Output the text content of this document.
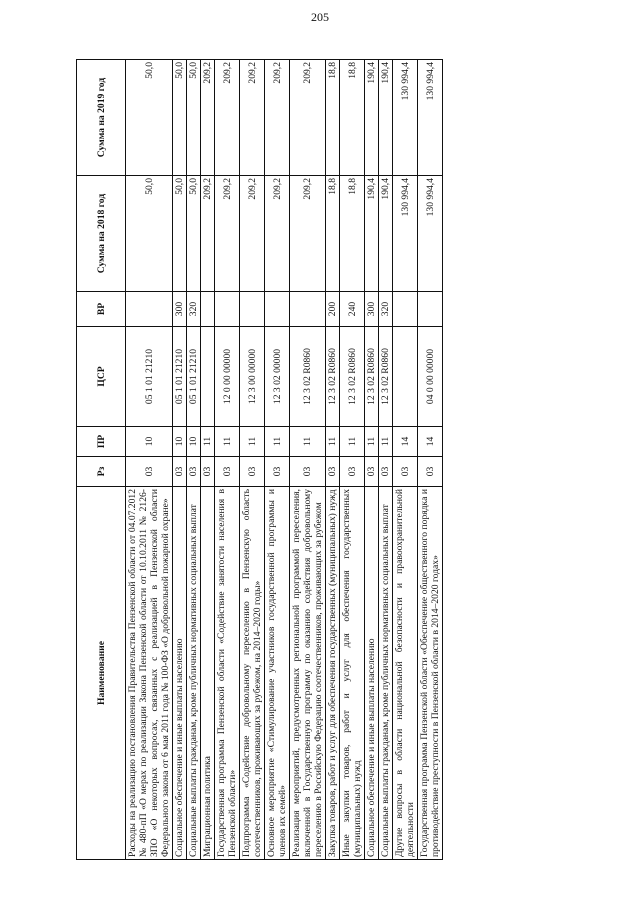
205
Наименование	Рз	ПР	ЦСР	ВР	Сумма на 2018 год	Сумма на 2019 год
Расходы на реализацию постановления Правительства Пензенской области от 04.07.2012 № 480-пП «О мерах по реализации Закона Пензенской области от 10.10.2011 № 2126-ЗПО «О некоторых вопросах, связанных с реализацией в Пензенской области Федерального закона от 6 мая 2011 года № 100-ФЗ «О добровольной пожарной охране»	03	10	05 1 01 21210		50,0	50,0
Социальное обеспечение и иные выплаты населению	03	10	05 1 01 21210	300	50,0	50,0
Социальные выплаты гражданам, кроме публичных нормативных социальных выплат	03	10	05 1 01 21210	320	50,0	50,0
Миграционная политика	03	11			209,2	209,2
Государственная программа Пензенской области «Содействие занятости населения в Пензенской области»	03	11	12 0 00 00000		209,2	209,2
Подпрограмма «Содействие добровольному переселению в Пензенскую область соотечественников, проживающих за рубежом, на 2014–2020 годы»	03	11	12 3 00 00000		209,2	209,2
Основное мероприятие «Стимулирование участников государственной программы и членов их семей»	03	11	12 3 02 00000		209,2	209,2
Реализация мероприятий, предусмотренных региональной программой переселения, включенной в Государственную программу по оказанию содействия добровольному переселению в Российскую Федерацию соотечественников, проживающих за рубежом	03	11	12 3 02 R0860		209,2	209,2
Закупка товаров, работ и услуг для обеспечения государственных (муниципальных) нужд	03	11	12 3 02 R0860	200	18,8	18,8
Иные закупки товаров, работ и услуг для обеспечения государственных (муниципальных) нужд	03	11	12 3 02 R0860	240	18,8	18,8
Социальное обеспечение и иные выплаты населению	03	11	12 3 02 R0860	300	190,4	190,4
Социальные выплаты гражданам, кроме публичных нормативных социальных выплат	03	11	12 3 02 R0860	320	190,4	190,4
Другие вопросы в области национальной безопасности и правоохранительной деятельности	03	14			130 994,4	130 994,4
Государственная программа Пензенской области «Обеспечение общественного порядка и противодействие преступности в Пензенской области в 2014–2020 годах»	03	14	04 0 00 00000		130 994,4	130 994,4
